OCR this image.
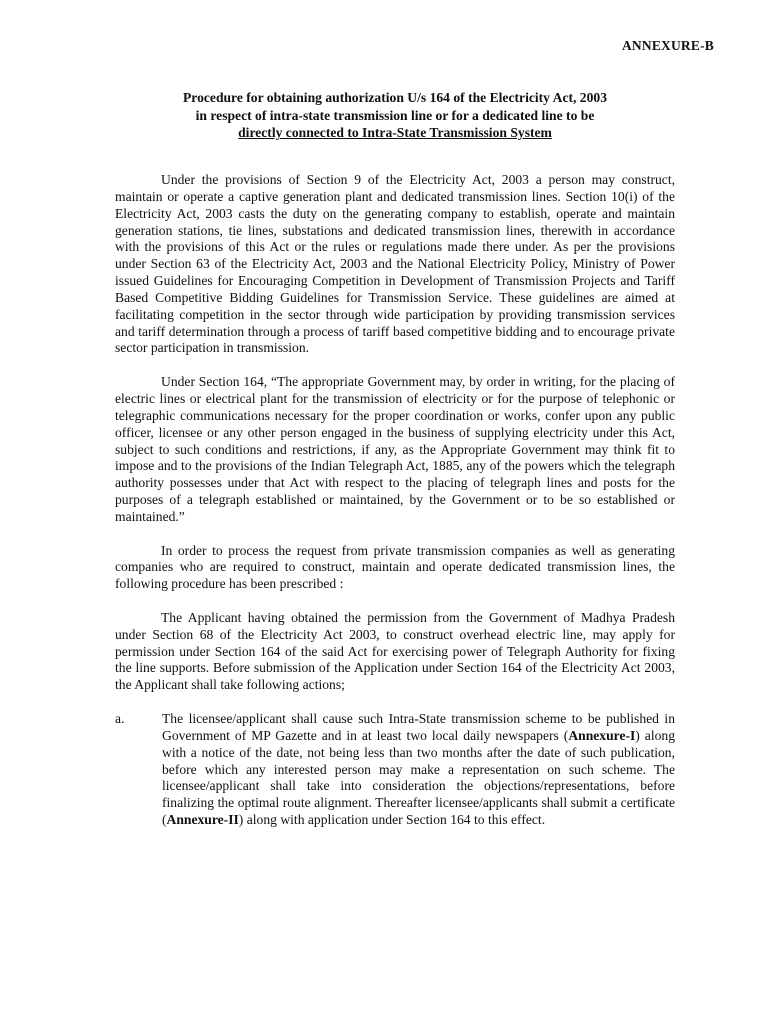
ANNEXURE-B
Procedure for obtaining authorization U/s 164 of the Electricity Act, 2003
in respect of intra-state transmission line or for a dedicated line to be
directly connected to Intra-State Transmission System

Under the provisions of Section 9 of the Electricity Act, 2003 a person may construct, maintain or operate a captive generation plant and dedicated transmission lines. Section 10(i) of the Electricity Act, 2003 casts the duty on the generating company to establish, operate and maintain generation stations, tie lines, substations and dedicated transmission lines, therewith in accordance with the provisions of this Act or the rules or regulations made there under. As per the provisions under Section 63 of the Electricity Act, 2003 and the National Electricity Policy, Ministry of Power issued Guidelines for Encouraging Competition in Development of Transmission Projects and Tariff Based Competitive Bidding Guidelines for Transmission Service. These guidelines are aimed at facilitating competition in the sector through wide participation by providing transmission services and tariff determination through a process of tariff based competitive bidding and to encourage private sector participation in transmission.

Under Section 164, “The appropriate Government may, by order in writing, for the placing of electric lines or electrical plant for the transmission of electricity or for the purpose of telephonic or telegraphic communications necessary for the proper coordination or works, confer upon any public officer, licensee or any other person engaged in the business of supplying electricity under this Act, subject to such conditions and restrictions, if any, as the Appropriate Government may think fit to impose and to the provisions of the Indian Telegraph Act, 1885, any of the powers which the telegraph authority possesses under that Act with respect to the placing of telegraph lines and posts for the purposes of a telegraph established or maintained, by the Government or to be so established or maintained.”

In order to process the request from private transmission companies as well as generating companies who are required to construct, maintain and operate dedicated transmission lines, the following procedure has been prescribed :

The Applicant having obtained the permission from the Government of Madhya Pradesh under Section 68 of the Electricity Act 2003, to construct overhead electric line, may apply for permission under Section 164 of the said Act for exercising power of Telegraph Authority for fixing the line supports. Before submission of the Application under Section 164 of the Electricity Act 2003, the Applicant shall take following actions;

a.	The licensee/applicant shall cause such Intra-State transmission scheme to be published in Government of MP Gazette and in at least two local daily newspapers (Annexure-I) along with a notice of the date, not being less than two months after the date of such publication, before which any interested person may make a representation on such scheme. The licensee/applicant shall take into consideration the objections/representations, before finalizing the optimal route alignment. Thereafter licensee/applicants shall submit a certificate (Annexure-II) along with application under Section 164 to this effect.
